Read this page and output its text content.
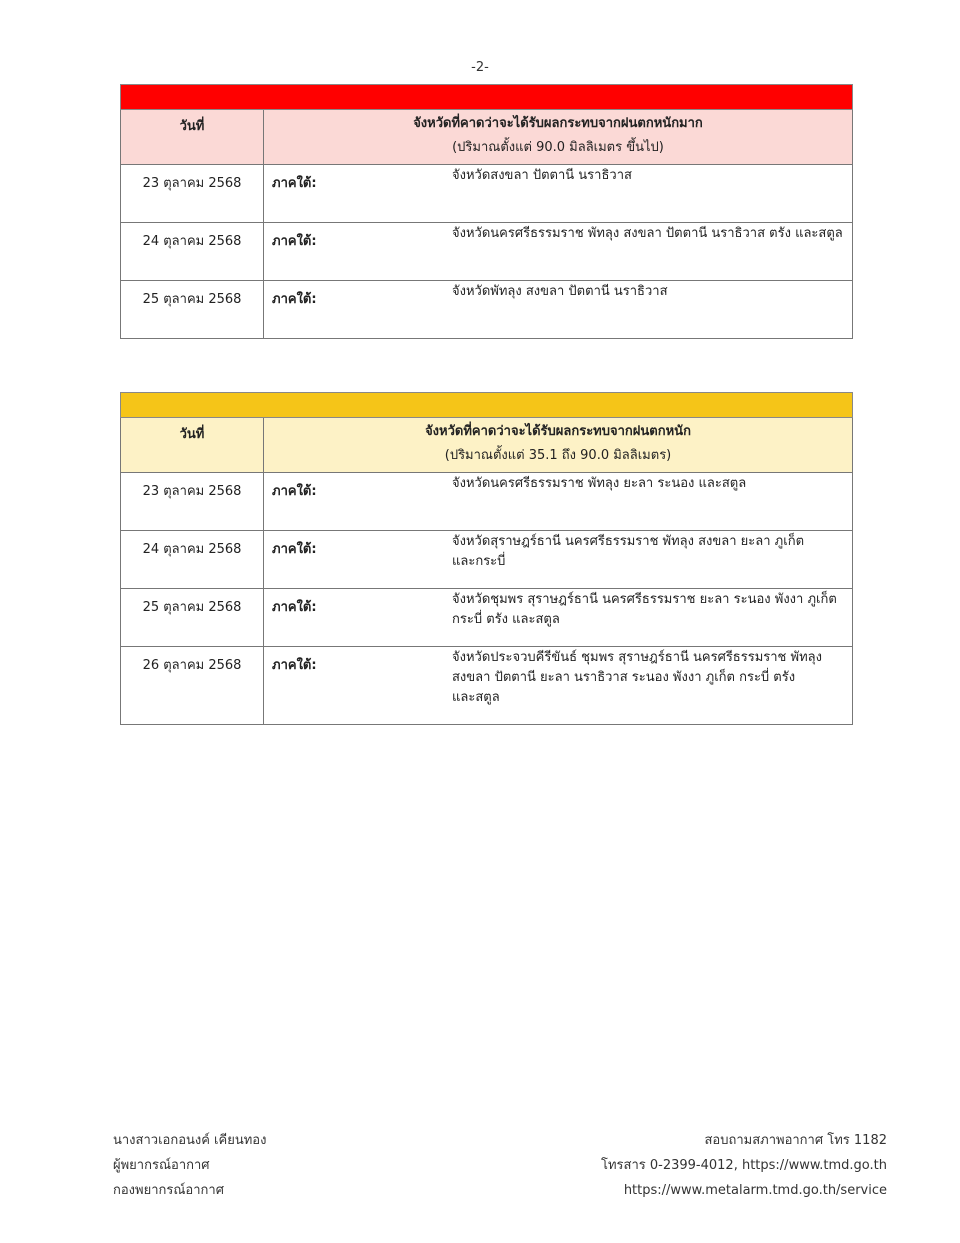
-2-

วันที่	จังหวัดที่คาดว่าจะได้รับผลกระทบจากฝนตกหนักมาก
(ปริมาณตั้งแต่ 90.0 มิลลิเมตร ขึ้นไป)

23 ตุลาคม 2568	ภาคใต้:
จังหวัดสงขลา ปัตตานี นราธิวาส

24 ตุลาคม 2568	ภาคใต้:
จังหวัดนครศรีธรรมราช พัทลุง สงขลา ปัตตานี นราธิวาส ตรัง และสตูล

25 ตุลาคม 2568	ภาคใต้:
จังหวัดพัทลุง สงขลา ปัตตานี นราธิวาส

วันที่	จังหวัดที่คาดว่าจะได้รับผลกระทบจากฝนตกหนัก
(ปริมาณตั้งแต่ 35.1 ถึง 90.0 มิลลิเมตร)

23 ตุลาคม 2568	ภาคใต้:
จังหวัดนครศรีธรรมราช พัทลุง ยะลา ระนอง และสตูล

24 ตุลาคม 2568	ภาคใต้:
จังหวัดสุราษฎร์ธานี นครศรีธรรมราช พัทลุง สงขลา ยะลา ภูเก็ต
และกระบี่

25 ตุลาคม 2568	ภาคใต้:
จังหวัดชุมพร สุราษฎร์ธานี นครศรีธรรมราช ยะลา ระนอง พังงา ภูเก็ต
กระบี่ ตรัง และสตูล

26 ตุลาคม 2568	ภาคใต้:
จังหวัดประจวบคีรีขันธ์ ชุมพร สุราษฎร์ธานี นครศรีธรรมราช พัทลุง
สงขลา ปัตตานี ยะลา นราธิวาส ระนอง พังงา ภูเก็ต กระบี่ ตรัง
และสตูล
นางสาวเอกอนงค์ เคียนทอง
ผู้พยากรณ์อากาศ
กองพยากรณ์อากาศ
สอบถามสภาพอากาศ โทร 1182
โทรสาร 0-2399-4012, https://www.tmd.go.th
https://www.metalarm.tmd.go.th/service
